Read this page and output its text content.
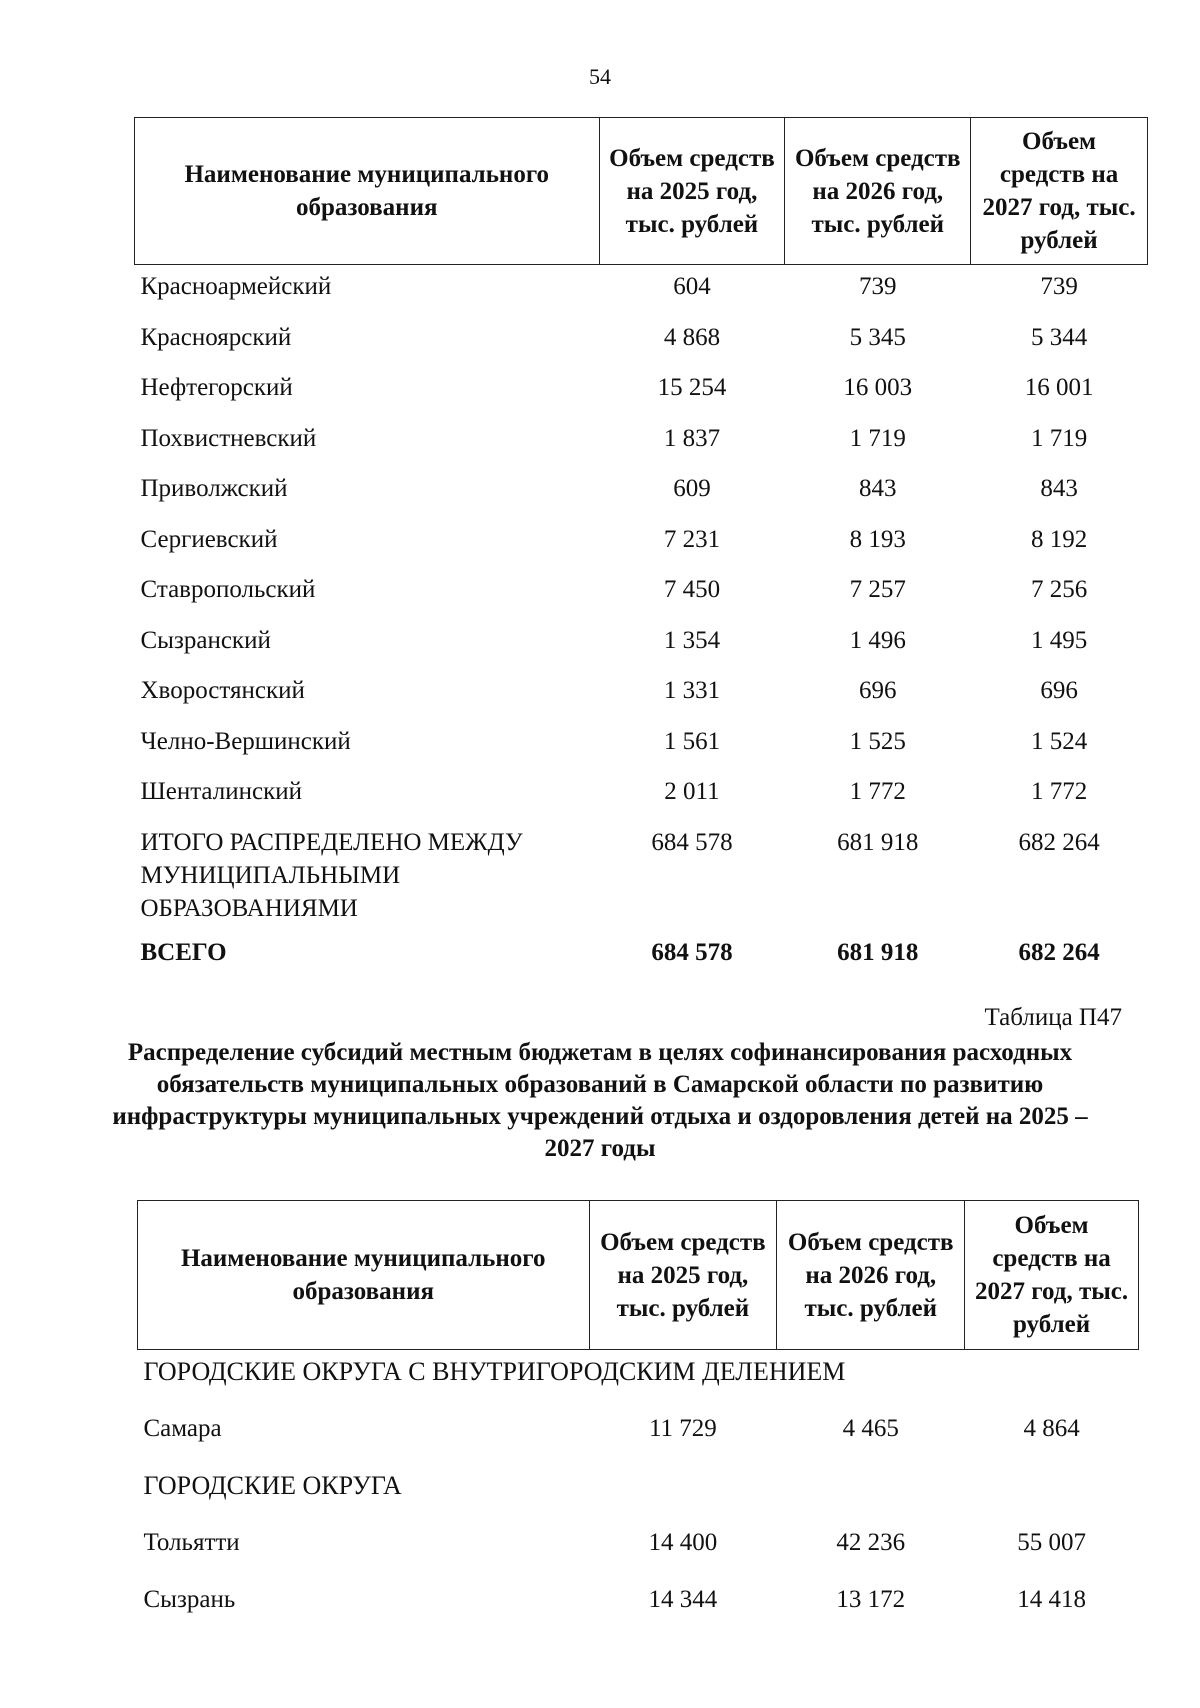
54
Наименование муниципального образования	Объем средств на 2025 год, тыс. рублей	Объем средств на 2026 год, тыс. рублей	Объем средств на 2027 год, тыс. рублей
Красноармейский	604	739	739
Красноярский	4 868	5 345	5 344
Нефтегорский	15 254	16 003	16 001
Похвистневский	1 837	1 719	1 719
Приволжский	609	843	843
Сергиевский	7 231	8 193	8 192
Ставропольский	7 450	7 257	7 256
Сызранский	1 354	1 496	1 495
Хворостянский	1 331	696	696
Челно-Вершинский	1 561	1 525	1 524
Шенталинский	2 011	1 772	1 772
ИТОГО РАСПРЕДЕЛЕНО МЕЖДУ МУНИЦИПАЛЬНЫМИ ОБРАЗОВАНИЯМИ	684 578	681 918	682 264
ВСЕГО	684 578	681 918	682 264
Таблица П47
Распределение субсидий местным бюджетам в целях софинансирования расходных обязательств муниципальных образований в Самарской области по развитию инфраструктуры муниципальных учреждений отдыха и оздоровления детей на 2025 – 2027 годы
Наименование муниципального образования	Объем средств на 2025 год, тыс. рублей	Объем средств на 2026 год, тыс. рублей	Объем средств на 2027 год, тыс. рублей
ГОРОДСКИЕ ОКРУГА С ВНУТРИГОРОДСКИМ ДЕЛЕНИЕМ			
Самара	11 729	4 465	4 864
ГОРОДСКИЕ ОКРУГА			
Тольятти	14 400	42 236	55 007
Сызрань	14 344	13 172	14 418
